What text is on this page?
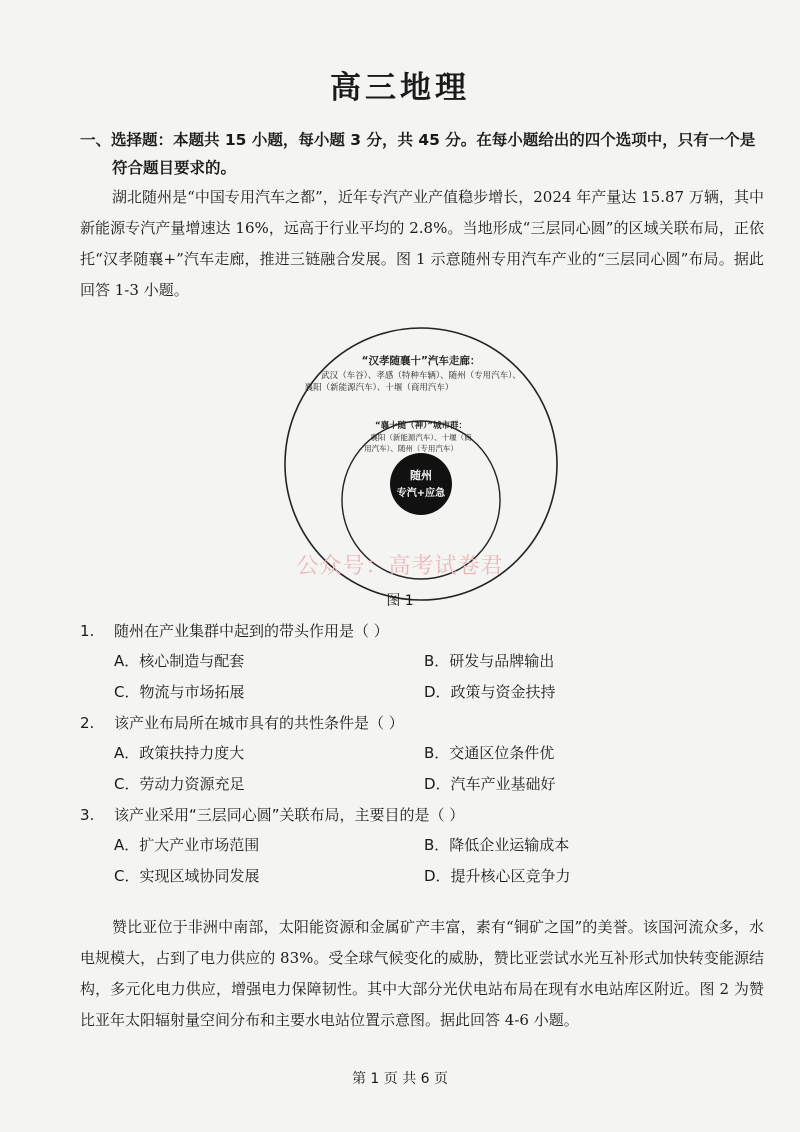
高三地理
一、选择题：本题共 15 小题，每小题 3 分，共 45 分。在每小题给出的四个选项中，只有一个是
符合题目要求的。
湖北随州是“中国专用汽车之都”，近年专汽产业产值稳步增长，2024 年产量达 15.87 万辆，其中新能源专汽产量增速达 16%，远高于行业平均的 2.8%。当地形成“三层同心圆”的区域关联布局，正依托“汉孝随襄+”汽车走廊，推进三链融合发展。图 1 示意随州专用汽车产业的“三层同心圆”布局。据此回答 1-3 小题。
“汉孝随襄十”汽车走廊：
武汉（车谷）、孝感（特种车辆）、随州（专用汽车）、
襄阳（新能源汽车）、十堰（商用汽车）
“襄十随（神）”城市群：
襄阳（新能源汽车）、十堰（商
用汽车）、随州（专用汽车）
随州
专汽+应急
公众号：高考试卷君
图 1
1. 随州在产业集群中起到的带头作用是（ ）
A．核心制造与配套	B．研发与品牌输出
C．物流与市场拓展	D．政策与资金扶持
2. 该产业布局所在城市具有的共性条件是（ ）
A．政策扶持力度大	B．交通区位条件优
C．劳动力资源充足	D．汽车产业基础好
3. 该产业采用“三层同心圆”关联布局，主要目的是（ ）
A．扩大产业市场范围	B．降低企业运输成本
C．实现区域协同发展	D．提升核心区竞争力
赞比亚位于非洲中南部，太阳能资源和金属矿产丰富，素有“铜矿之国”的美誉。该国河流众多，水电规模大，占到了电力供应的 83%。受全球气候变化的威胁，赞比亚尝试水光互补形式加快转变能源结构，多元化电力供应，增强电力保障韧性。其中大部分光伏电站布局在现有水电站库区附近。图 2 为赞比亚年太阳辐射量空间分布和主要水电站位置示意图。据此回答 4-6 小题。
第 1 页 共 6 页
